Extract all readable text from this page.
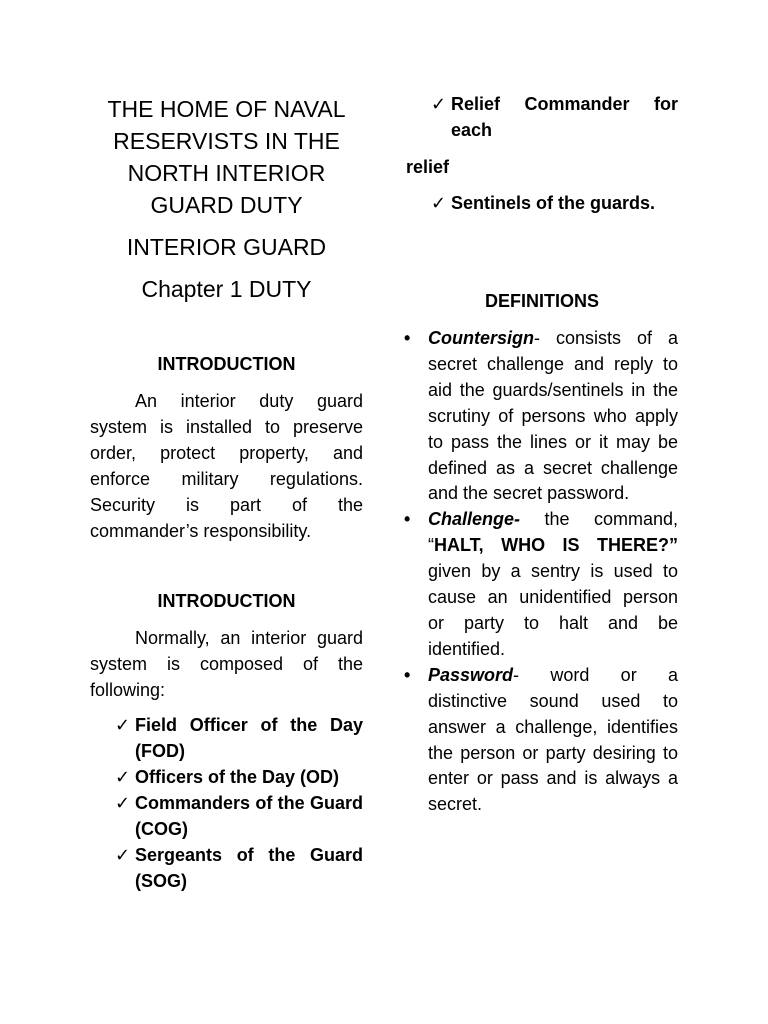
THE HOME OF NAVAL
RESERVISTS IN THE
NORTH INTERIOR
GUARD DUTY
INTERIOR GUARD
Chapter 1 DUTY
INTRODUCTION
An interior duty guard system is installed to preserve order, protect property, and enforce military regulations. Security is part of the commander’s responsibility.
INTRODUCTION
Normally, an interior guard system is composed of the following:
✓ Field Officer of the Day (FOD)
✓ Officers of the Day (OD)
✓ Commanders of the Guard (COG)
✓ Sergeants of the Guard (SOG)
✓ Relief Commander for each
relief
✓ Sentinels of the guards.
DEFINITIONS
• Countersign- consists of a secret challenge and reply to aid the guards/sentinels in the scrutiny of persons who apply to pass the lines or it may be defined as a secret challenge and the secret password.
• Challenge- the command, “HALT, WHO IS THERE?” given by a sentry is used to cause an unidentified person or party to halt and be identified.
• Password- word or a distinctive sound used to answer a challenge, identifies the person or party desiring to enter or pass and is always a secret.
